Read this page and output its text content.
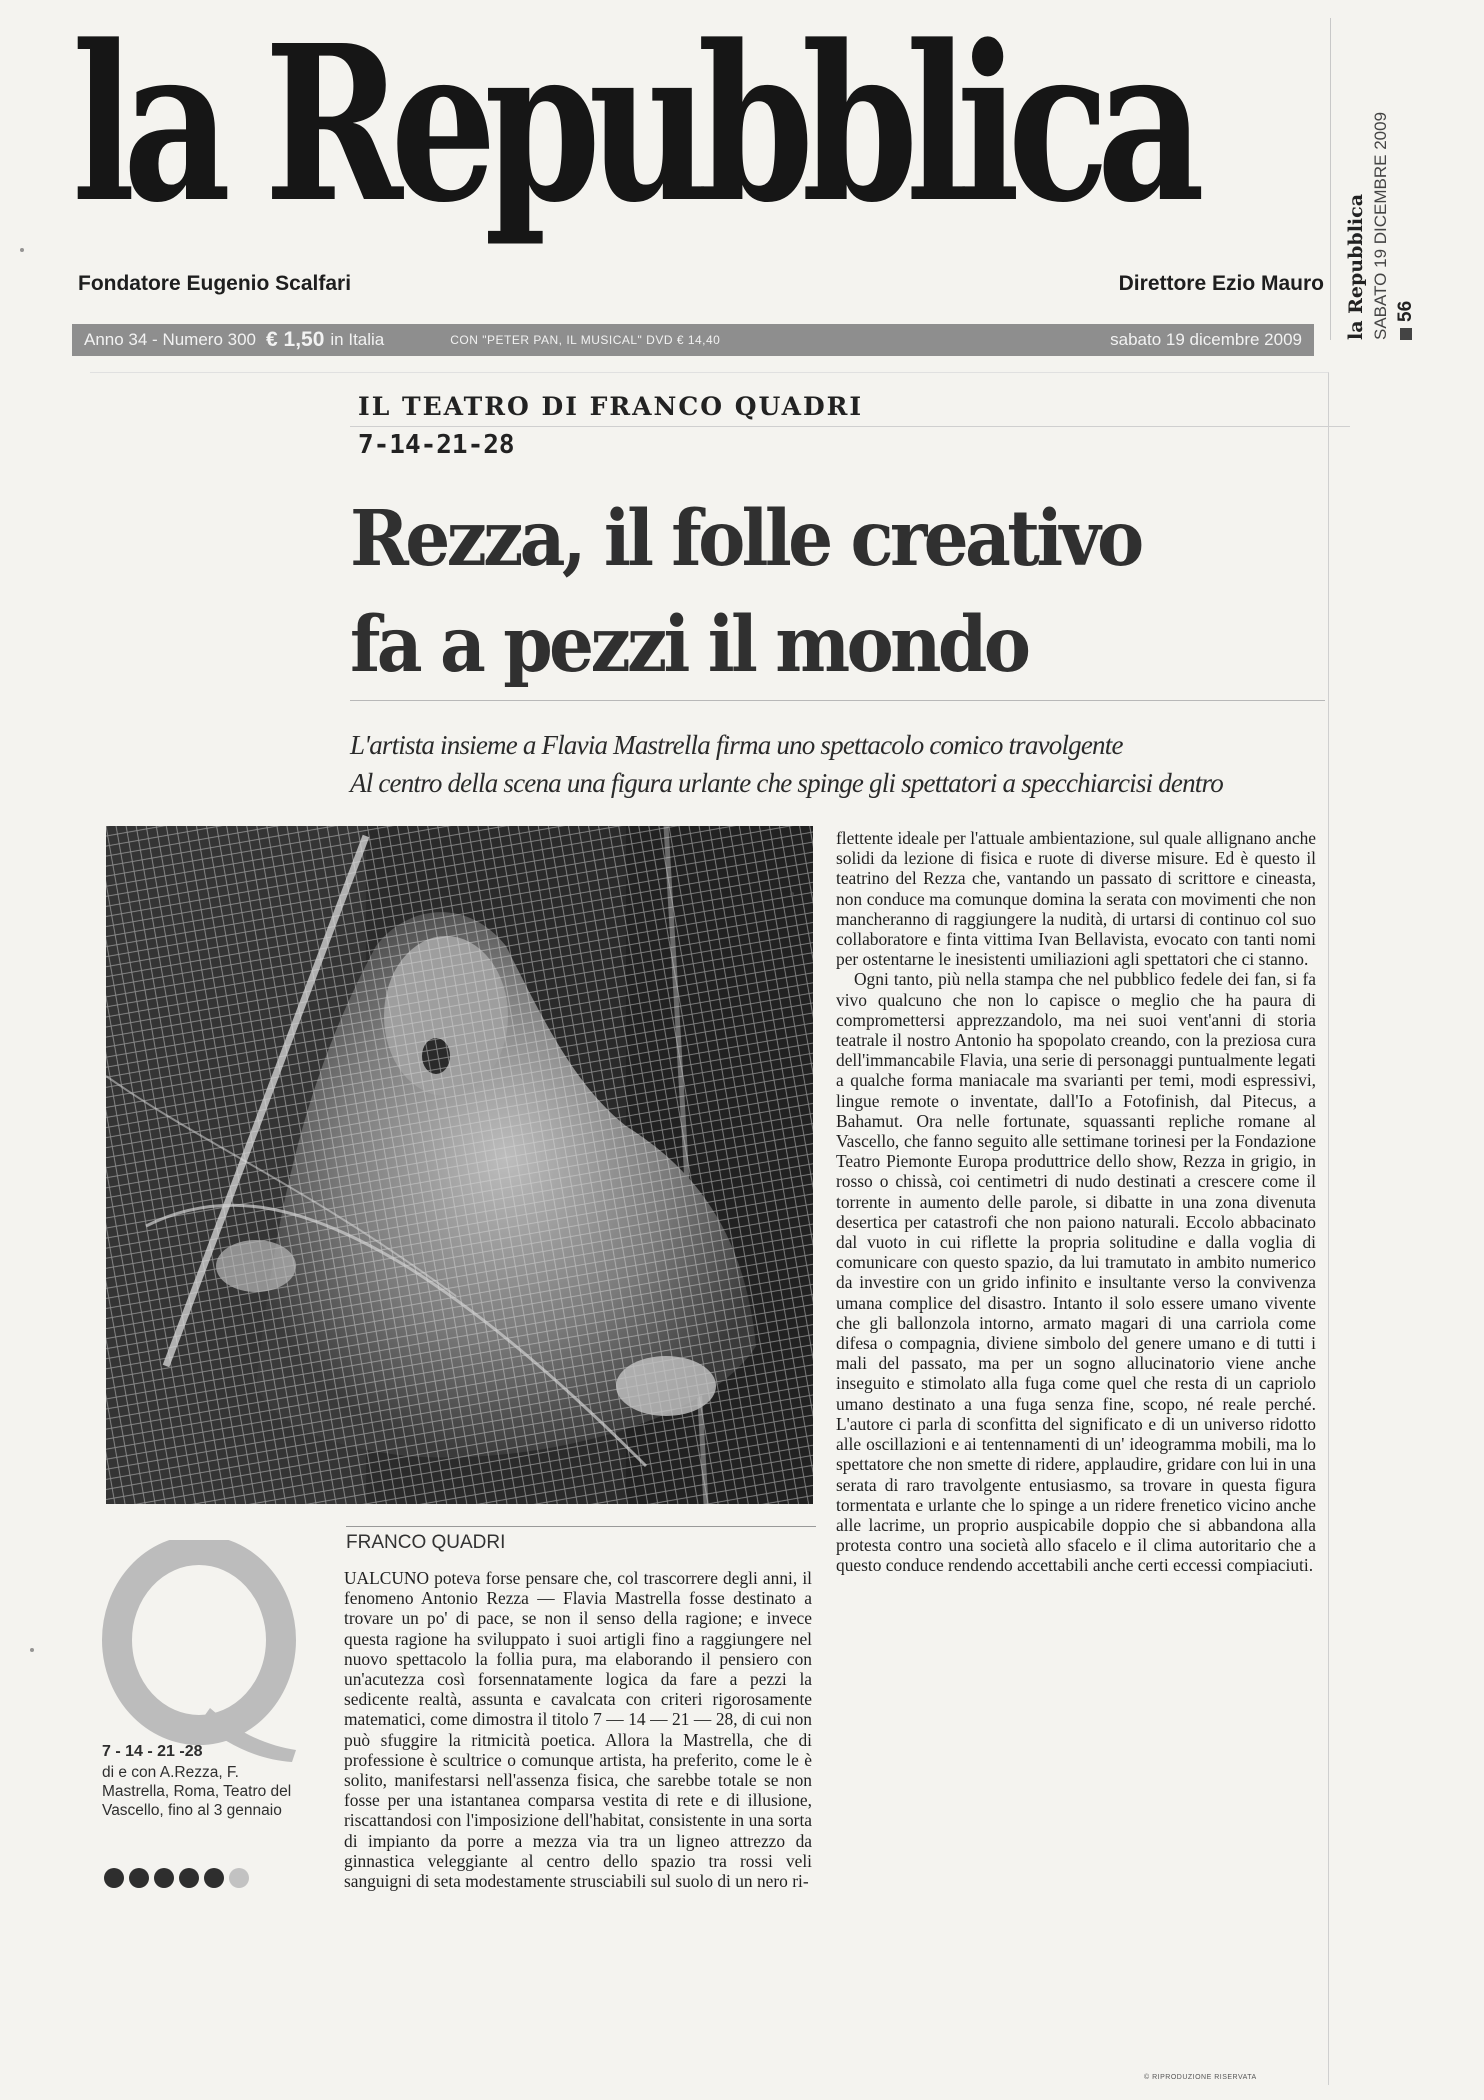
la Repubblica
Fondatore Eugenio Scalfari	Direttore Ezio Mauro
Anno 34 - Numero 300 € 1,50 in Italia	CON "PETER PAN, IL MUSICAL" DVD € 14,40	sabato 19 dicembre 2009 la Repubblica SABATO 19 DICEMBRE 2009 56
IL TEATRO DI FRANCO QUADRI
7-14-21-28
Rezza, il folle creativo
fa a pezzi il mondo
L'artista insieme a Flavia Mastrella firma uno spettacolo comico travolgente
Al centro della scena una figura urlante che spinge gli spettatori a specchiarcisi dentro
FRANCO QUADRI
7 - 14 - 21 -28
di e con A.Rezza, F. Mastrella, Roma, Teatro del Vascello, fino al 3 gennaio

UALCUNO poteva forse pensare che, col trascorrere degli anni, il fenomeno Antonio Rezza — Flavia Mastrella fosse destinato a trovare un po' di pace, se non il senso della ragione; e invece questa ragione ha sviluppato i suoi artigli fino a raggiungere nel nuovo spettacolo la follia pura, ma elaborando il pensiero con un'acutezza così forsennatamente logica da fare a pezzi la sedicente realtà, assunta e cavalcata con criteri rigorosamente matematici, come dimostra il titolo 7 — 14 — 21 — 28, di cui non può sfuggire la ritmicità poetica. Allora la Mastrella, che di professione è scultrice o comunque artista, ha preferito, come le è solito, manifestarsi nell'assenza fisica, che sarebbe totale se non fosse per una istantanea comparsa vestita di rete e di illusione, riscattandosi con l'imposizione dell'habitat, consistente in una sorta di impianto da porre a mezza via tra un ligneo attrezzo da ginnastica veleggiante al centro dello spazio tra rossi veli sanguigni di seta modestamente strusciabili sul suolo di un nero ri-

flettente ideale per l'attuale ambientazione, sul quale allignano anche solidi da lezione di fisica e ruote di diverse misure. Ed è questo il teatrino del Rezza che, vantando un passato di scrittore e cineasta, non conduce ma comunque domina la serata con movimenti che non mancheranno di raggiungere la nudità, di urtarsi di continuo col suo collaboratore e finta vittima Ivan Bellavista, evocato con tanti nomi per ostentarne le inesistenti umiliazioni agli spettatori che ci stanno.

Ogni tanto, più nella stampa che nel pubblico fedele dei fan, si fa vivo qualcuno che non lo capisce o meglio che ha paura di compromettersi apprezzandolo, ma nei suoi vent'anni di storia teatrale il nostro Antonio ha spopolato creando, con la preziosa cura dell'immancabile Flavia, una serie di personaggi puntualmente legati a qualche forma maniacale ma svarianti per temi, modi espressivi, lingue remote o inventate, dall'Io a Fotofinish, dal Pitecus, a Bahamut. Ora nelle fortunate, squassanti repliche romane al Vascello, che fanno seguito alle settimane torinesi per la Fondazione Teatro Piemonte Europa produttrice dello show, Rezza in grigio, in rosso o chissà, coi centimetri di nudo destinati a crescere come il torrente in aumento delle parole, si dibatte in una zona divenuta desertica per catastrofi che non paiono naturali. Eccolo abbacinato dal vuoto in cui riflette la propria solitudine e dalla voglia di comunicare con questo spazio, da lui tramutato in ambito numerico da investire con un grido infinito e insultante verso la convivenza umana complice del disastro. Intanto il solo essere umano vivente che gli ballonzola intorno, armato magari di una carriola come difesa o compagnia, diviene simbolo del genere umano e di tutti i mali del passato, ma per un sogno allucinatorio viene anche inseguito e stimolato alla fuga come quel che resta di un capriolo umano destinato a una fuga senza fine, scopo, né reale perché. L'autore ci parla di sconfitta del significato e di un universo ridotto alle oscillazioni e ai tentennamenti di un' ideogramma mobili, ma lo spettatore che non smette di ridere, applaudire, gridare con lui in una serata di raro travolgente entusiasmo, sa trovare in questa figura tormentata e urlante che lo spinge a un ridere frenetico vicino anche alle lacrime, un proprio auspicabile doppio che si abbandona alla protesta contro una società allo sfacelo e il clima autoritario che a questo conduce rendendo accettabili anche certi eccessi compiaciuti.

© RIPRODUZIONE RISERVATA
